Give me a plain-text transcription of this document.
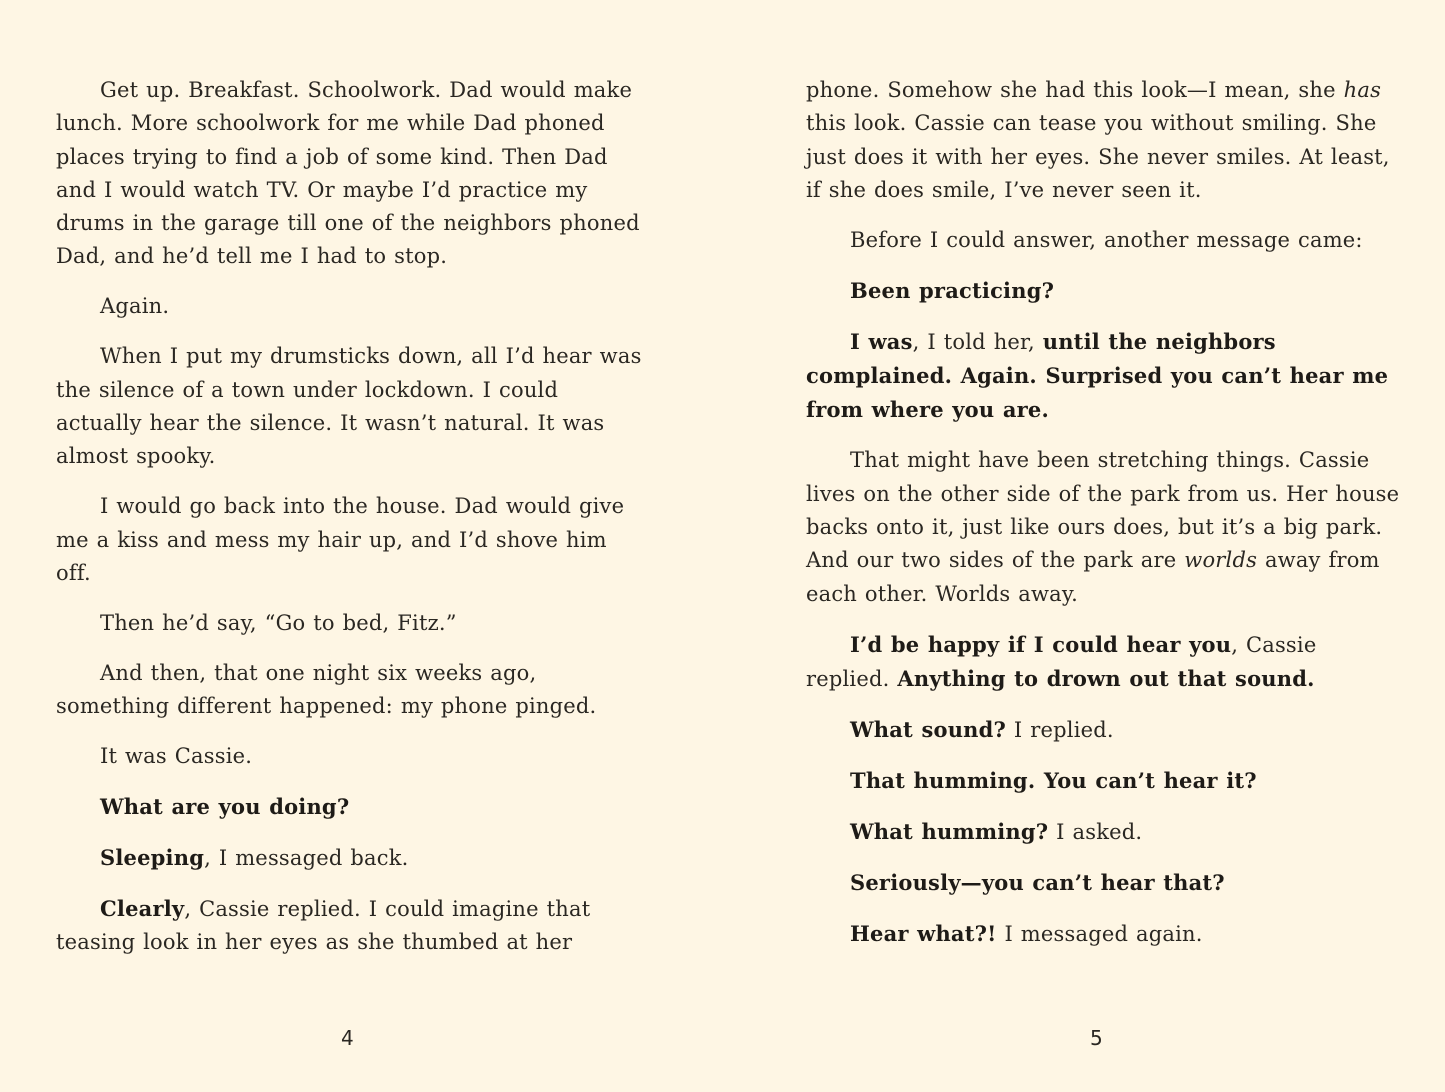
Get up. Breakfast. Schoolwork. Dad would make lunch. More schoolwork for me while Dad phoned places trying to find a job of some kind. Then Dad and I would watch TV. Or maybe I’d practice my drums in the garage till one of the neighbors phoned Dad, and he’d tell me I had to stop.

Again.

When I put my drumsticks down, all I’d hear was the silence of a town under lockdown. I could actually hear the silence. It wasn’t natural. It was almost spooky.

I would go back into the house. Dad would give me a kiss and mess my hair up, and I’d shove him off.

Then he’d say, “Go to bed, Fitz.”

And then, that one night six weeks ago, something different happened: my phone pinged.

It was Cassie.

What are you doing?

Sleeping, I messaged back.

Clearly, Cassie replied. I could imagine that teasing look in her eyes as she thumbed at her

phone. Somehow she had this look—I mean, she has this look. Cassie can tease you without smiling. She just does it with her eyes. She never smiles. At least, if she does smile, I’ve never seen it.

Before I could answer, another message came:

Been practicing?

I was, I told her, until the neighbors complained. Again. Surprised you can’t hear me from where you are.

That might have been stretching things. Cassie lives on the other side of the park from us. Her house backs onto it, just like ours does, but it’s a big park. And our two sides of the park are worlds away from each other. Worlds away.

I’d be happy if I could hear you, Cassie replied. Anything to drown out that sound.

What sound? I replied.

That humming. You can’t hear it?

What humming? I asked.

Seriously—you can’t hear that?

Hear what?! I messaged again.

4	5
